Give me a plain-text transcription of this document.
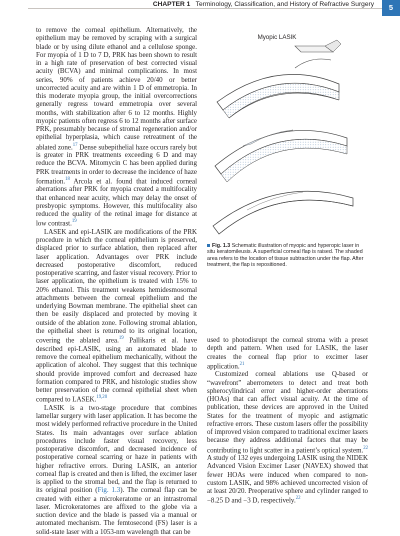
CHAPTER 1 Terminology, Classification, and History of Refractive Surgery	5

to remove the corneal epithelium. Alternatively, the epithelium may be removed by scraping with a surgical blade or by using dilute ethanol and a cellulose sponge. For myopia of 1 D to 7 D, PRK has been shown to result in a high rate of preservation of best corrected visual acuity (BCVA) and minimal complications. In most series, 90% of patients achieve 20/40 or better uncorrected acuity and are within 1 D of emmetropia. In this moderate myopia group, the initial overcorrections generally regress toward emmetropia over several months, with stabilization after 6 to 12 months. Highly myopic patients often regress 6 to 12 months after surface PRK, presumably because of stromal regeneration and/or epithelial hyperplasia, which cause retreatment of the ablated zone.$^{17}$ Dense subepithelial haze occurs rarely but is greater in PRK treatments exceeding 6 D and may reduce the BCVA. Mitomycin C has been applied during PRK treatments in order to decrease the incidence of haze formation.$^{18}$ Arcola et al. found that induced corneal aberrations after PRK for myopia created a multifocality that enhanced near acuity, which may delay the onset of presbyopic symptoms. However, this multifocality also reduced the quality of the retinal image for distance at low contrast.$^{19}$

LASEK and epi-LASIK are modifications of the PRK procedure in which the corneal epithelium is preserved, displaced prior to surface ablation, then replaced after laser application. Advantages over PRK include decreased postoperative discomfort, reduced postoperative scarring, and faster visual recovery. Prior to laser application, the epithelium is treated with 15% to 20% ethanol. This treatment weakens hemidesmosomal attachments between the corneal epithelium and the underlying Bowman membrane. The epithelial sheet can then be easily displaced and protected by moving it outside of the ablation zone. Following stromal ablation, the epithelial sheet is returned to its original location, covering the ablated area.$^{19}$ Pallikaris et al. have described epi-LASIK, using an automated blade to remove the corneal epithelium mechanically, without the application of alcohol. They suggest that this technique should provide improved comfort and decreased haze formation compared to PRK, and histologic studies show better preservation of the corneal epithelial sheet when compared to LASEK.$^{19,20}$

LASIK is a two-stage procedure that combines lamellar surgery with laser application. It has become the most widely performed refractive procedure in the United States. Its main advantages over surface ablation procedures include faster visual recovery, less postoperative discomfort, and decreased incidence of postoperative corneal scarring or haze in patients with higher refractive errors. During LASIK, an anterior corneal flap is created and then is lifted, the excimer laser is applied to the stromal bed, and the flap is returned to its original position (Fig. 1.3). The corneal flap can be created with either a microkeratome or an intrastromal laser. Microkeratomes are affixed to the globe via a suction device and the blade is passed via a manual or automated mechanism. The femtosecond (FS) laser is a solid-state laser with a 1053-nm wavelength that can be

Myopic LASIK
Fig. 1.3 Schematic illustration of myopic and hyperopic laser in situ keratomileusis. A superficial corneal flap is raised. The shaded area refers to the location of tissue subtraction under the flap. After treatment, the flap is repositioned.

used to photodisrupt the corneal stroma with a preset depth and pattern. When used for LASIK, the laser creates the corneal flap prior to excimer laser application.$^{21}$

Customized corneal ablations use Q-based or “wavefront” aberrometers to detect and treat both spherocylindrical error and higher-order aberrations (HOAs) that can affect visual acuity. At the time of publication, these devices are approved in the United States for the treatment of myopic and astigmatic refractive errors. These custom lasers offer the possibility of improved vision compared to traditional excimer lasers because they address additional factors that may be contributing to light scatter in a patient’s optical system.$^{22}$ A study of 132 eyes undergoing LASIK using the NIDEK Advanced Vision Excimer Laser (NAVEX) showed that fewer HOAs were induced when compared to non-custom LASIK, and 98% achieved uncorrected vision of at least 20/20. Preoperative sphere and cylinder ranged to −8.25 D and −3 D, respectively.$^{22}$
